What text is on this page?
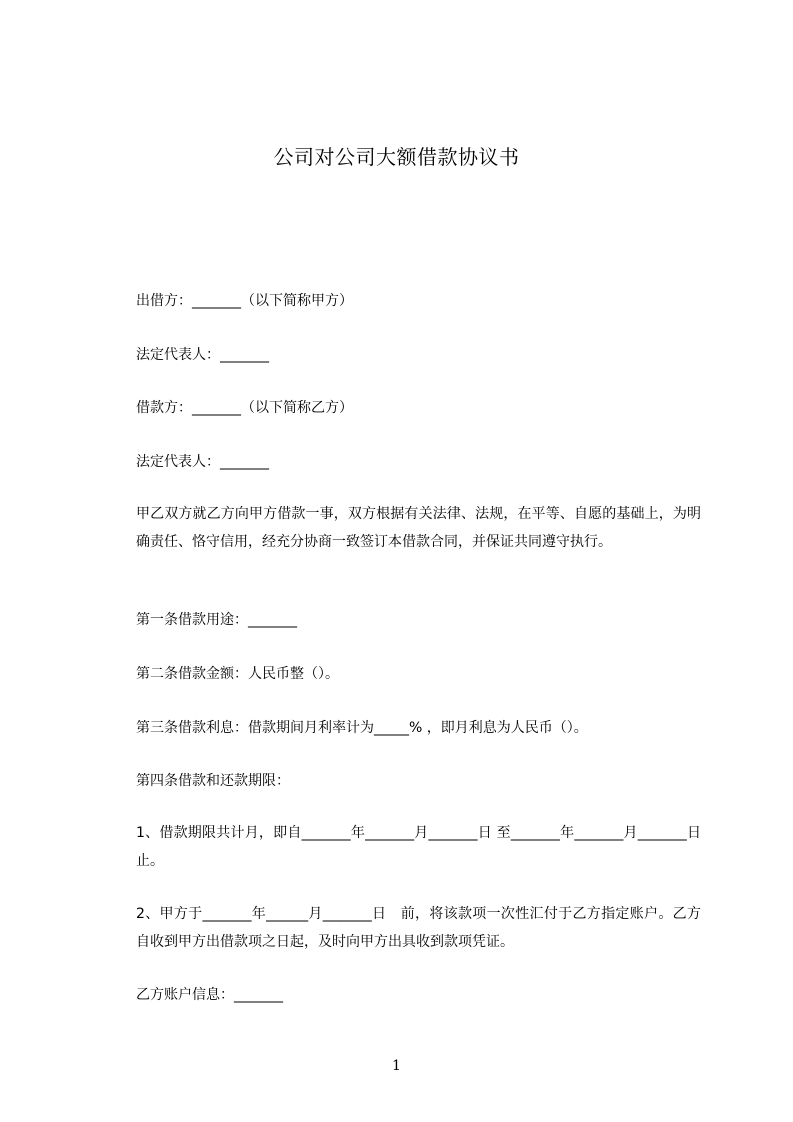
公司对公司大额借款协议书
出借方：_______（以下简称甲方）
法定代表人：_______
借款方：_______（以下简称乙方）
法定代表人：_______
甲乙双方就乙方向甲方借款一事，双方根据有关法律、法规，在平等、自愿的基础上，为明确责任、恪守信用，经充分协商一致签订本借款合同，并保证共同遵守执行。
第一条借款用途：_______
第二条借款金额：人民币整（）。
第三条借款利息：借款期间月利率计为_____% ，即月利息为人民币（）。
第四条借款和还款期限：
1、借款期限共计月，即自_______年_______月_______日 至_______年_______月_______日 止。
2、甲方于_______年______月_______日　前，将该款项一次性汇付于乙方指定账户。乙方自收到甲方出借款项之日起，及时向甲方出具收到款项凭证。
乙方账户信息：_______
1
